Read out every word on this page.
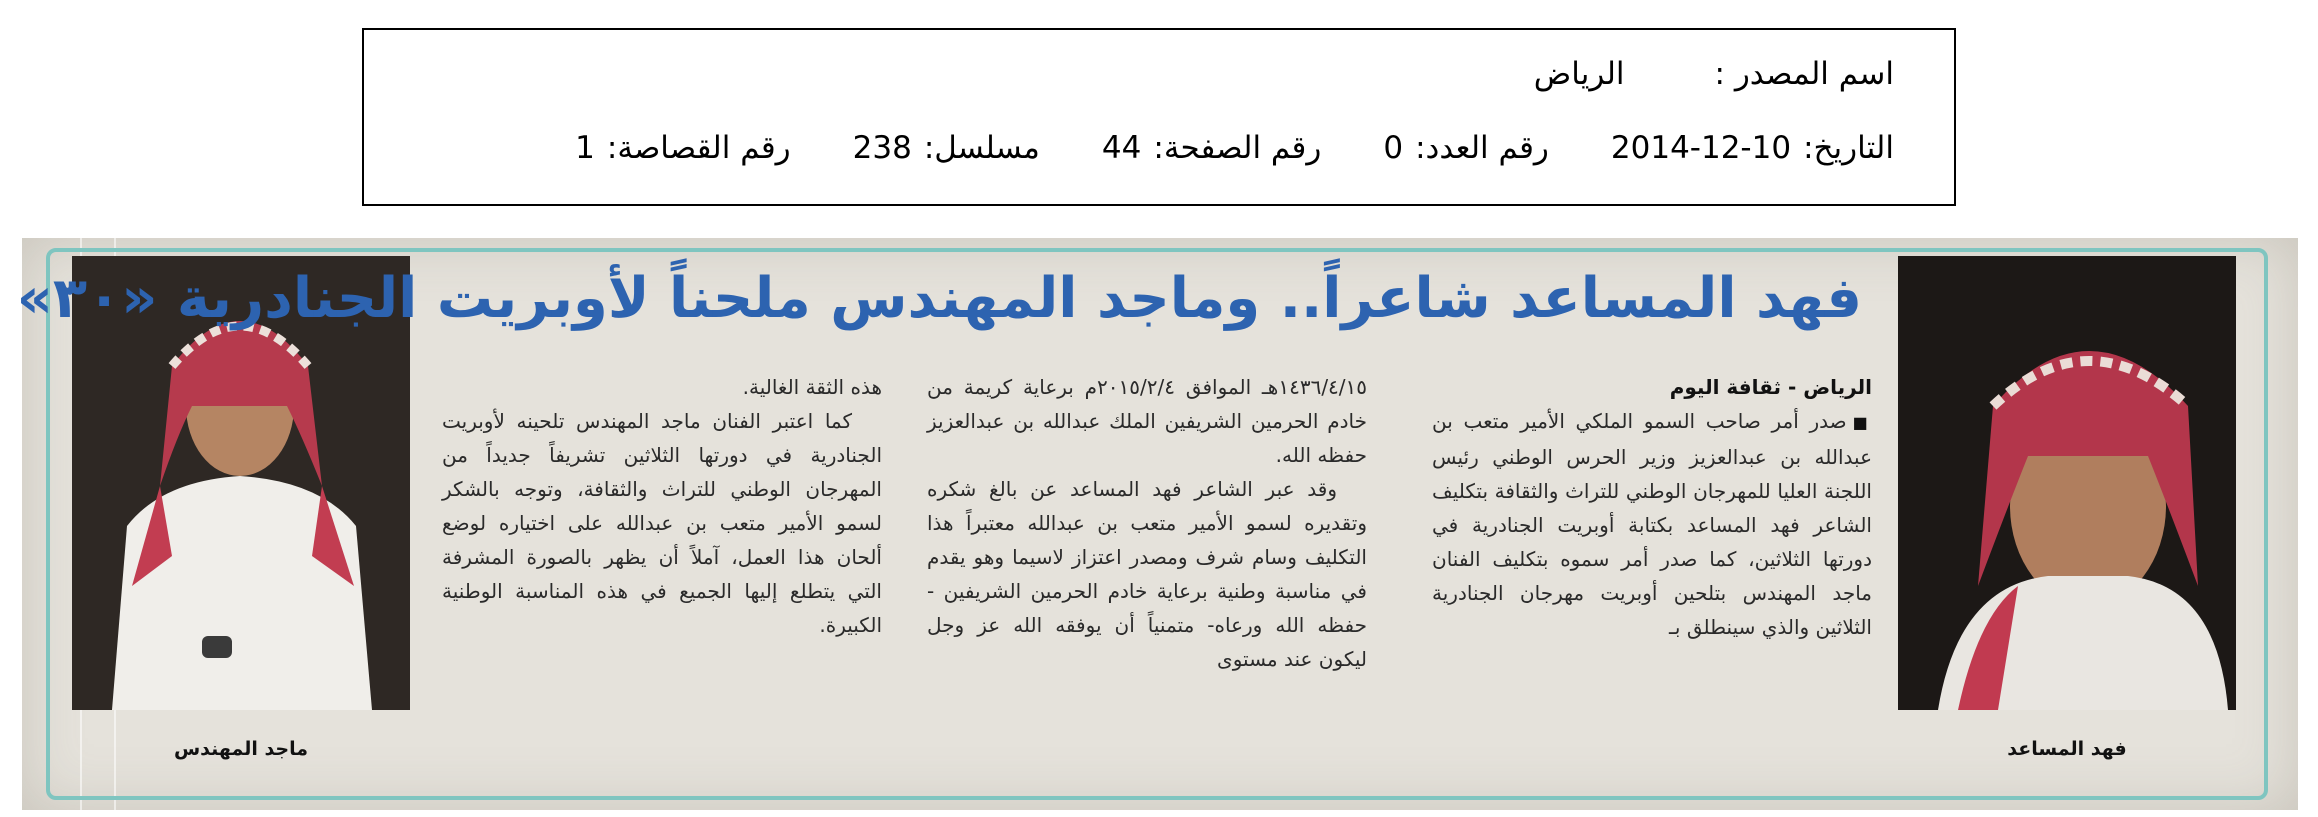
اسم المصدر :
الرياض
التاريخ:
2014-12-10
رقم العدد:
0
رقم الصفحة:
44
مسلسل:
238
رقم القصاصة:
1
فهد المساعد
ماجد المهندس
فهد المساعد شاعراً.. وماجد المهندس ملحناً لأوبريت الجنادرية «٣٠»

الرياض - ثقافة اليوم

■صدر أمر صاحب السمو الملكي الأمير متعب بن عبدالله بن عبدالعزيز وزير الحرس الوطني رئيس اللجنة العليا للمهرجان الوطني للتراث والثقافة بتكليف الشاعر فهد المساعد بكتابة أوبريت الجنادرية في دورتها الثلاثين، كما صدر أمر سموه بتكليف الفنان ماجد المهندس بتلحين أوبريت مهرجان الجنادرية الثلاثين والذي سينطلق بـ

١٤٣٦/٤/١٥هـ الموافق ٢٠١٥/٢/٤م برعاية كريمة من خادم الحرمين الشريفين الملك عبدالله بن عبدالعزيز حفظه الله.

وقد عبر الشاعر فهد المساعد عن بالغ شكره وتقديره لسمو الأمير متعب بن عبدالله معتبراً هذا التكليف وسام شرف ومصدر اعتزاز لاسيما وهو يقدم في مناسبة وطنية برعاية خادم الحرمين الشريفين - حفظه الله ورعاه- متمنياً أن يوفقه الله عز وجل ليكون عند مستوى

هذه الثقة الغالية.

كما اعتبر الفنان ماجد المهندس تلحينه لأوبريت الجنادرية في دورتها الثلاثين تشريفاً جديداً من المهرجان الوطني للتراث والثقافة، وتوجه بالشكر لسمو الأمير متعب بن عبدالله على اختياره لوضع ألحان هذا العمل، آملاً أن يظهر بالصورة المشرفة التي يتطلع إليها الجميع في هذه المناسبة الوطنية الكبيرة.
